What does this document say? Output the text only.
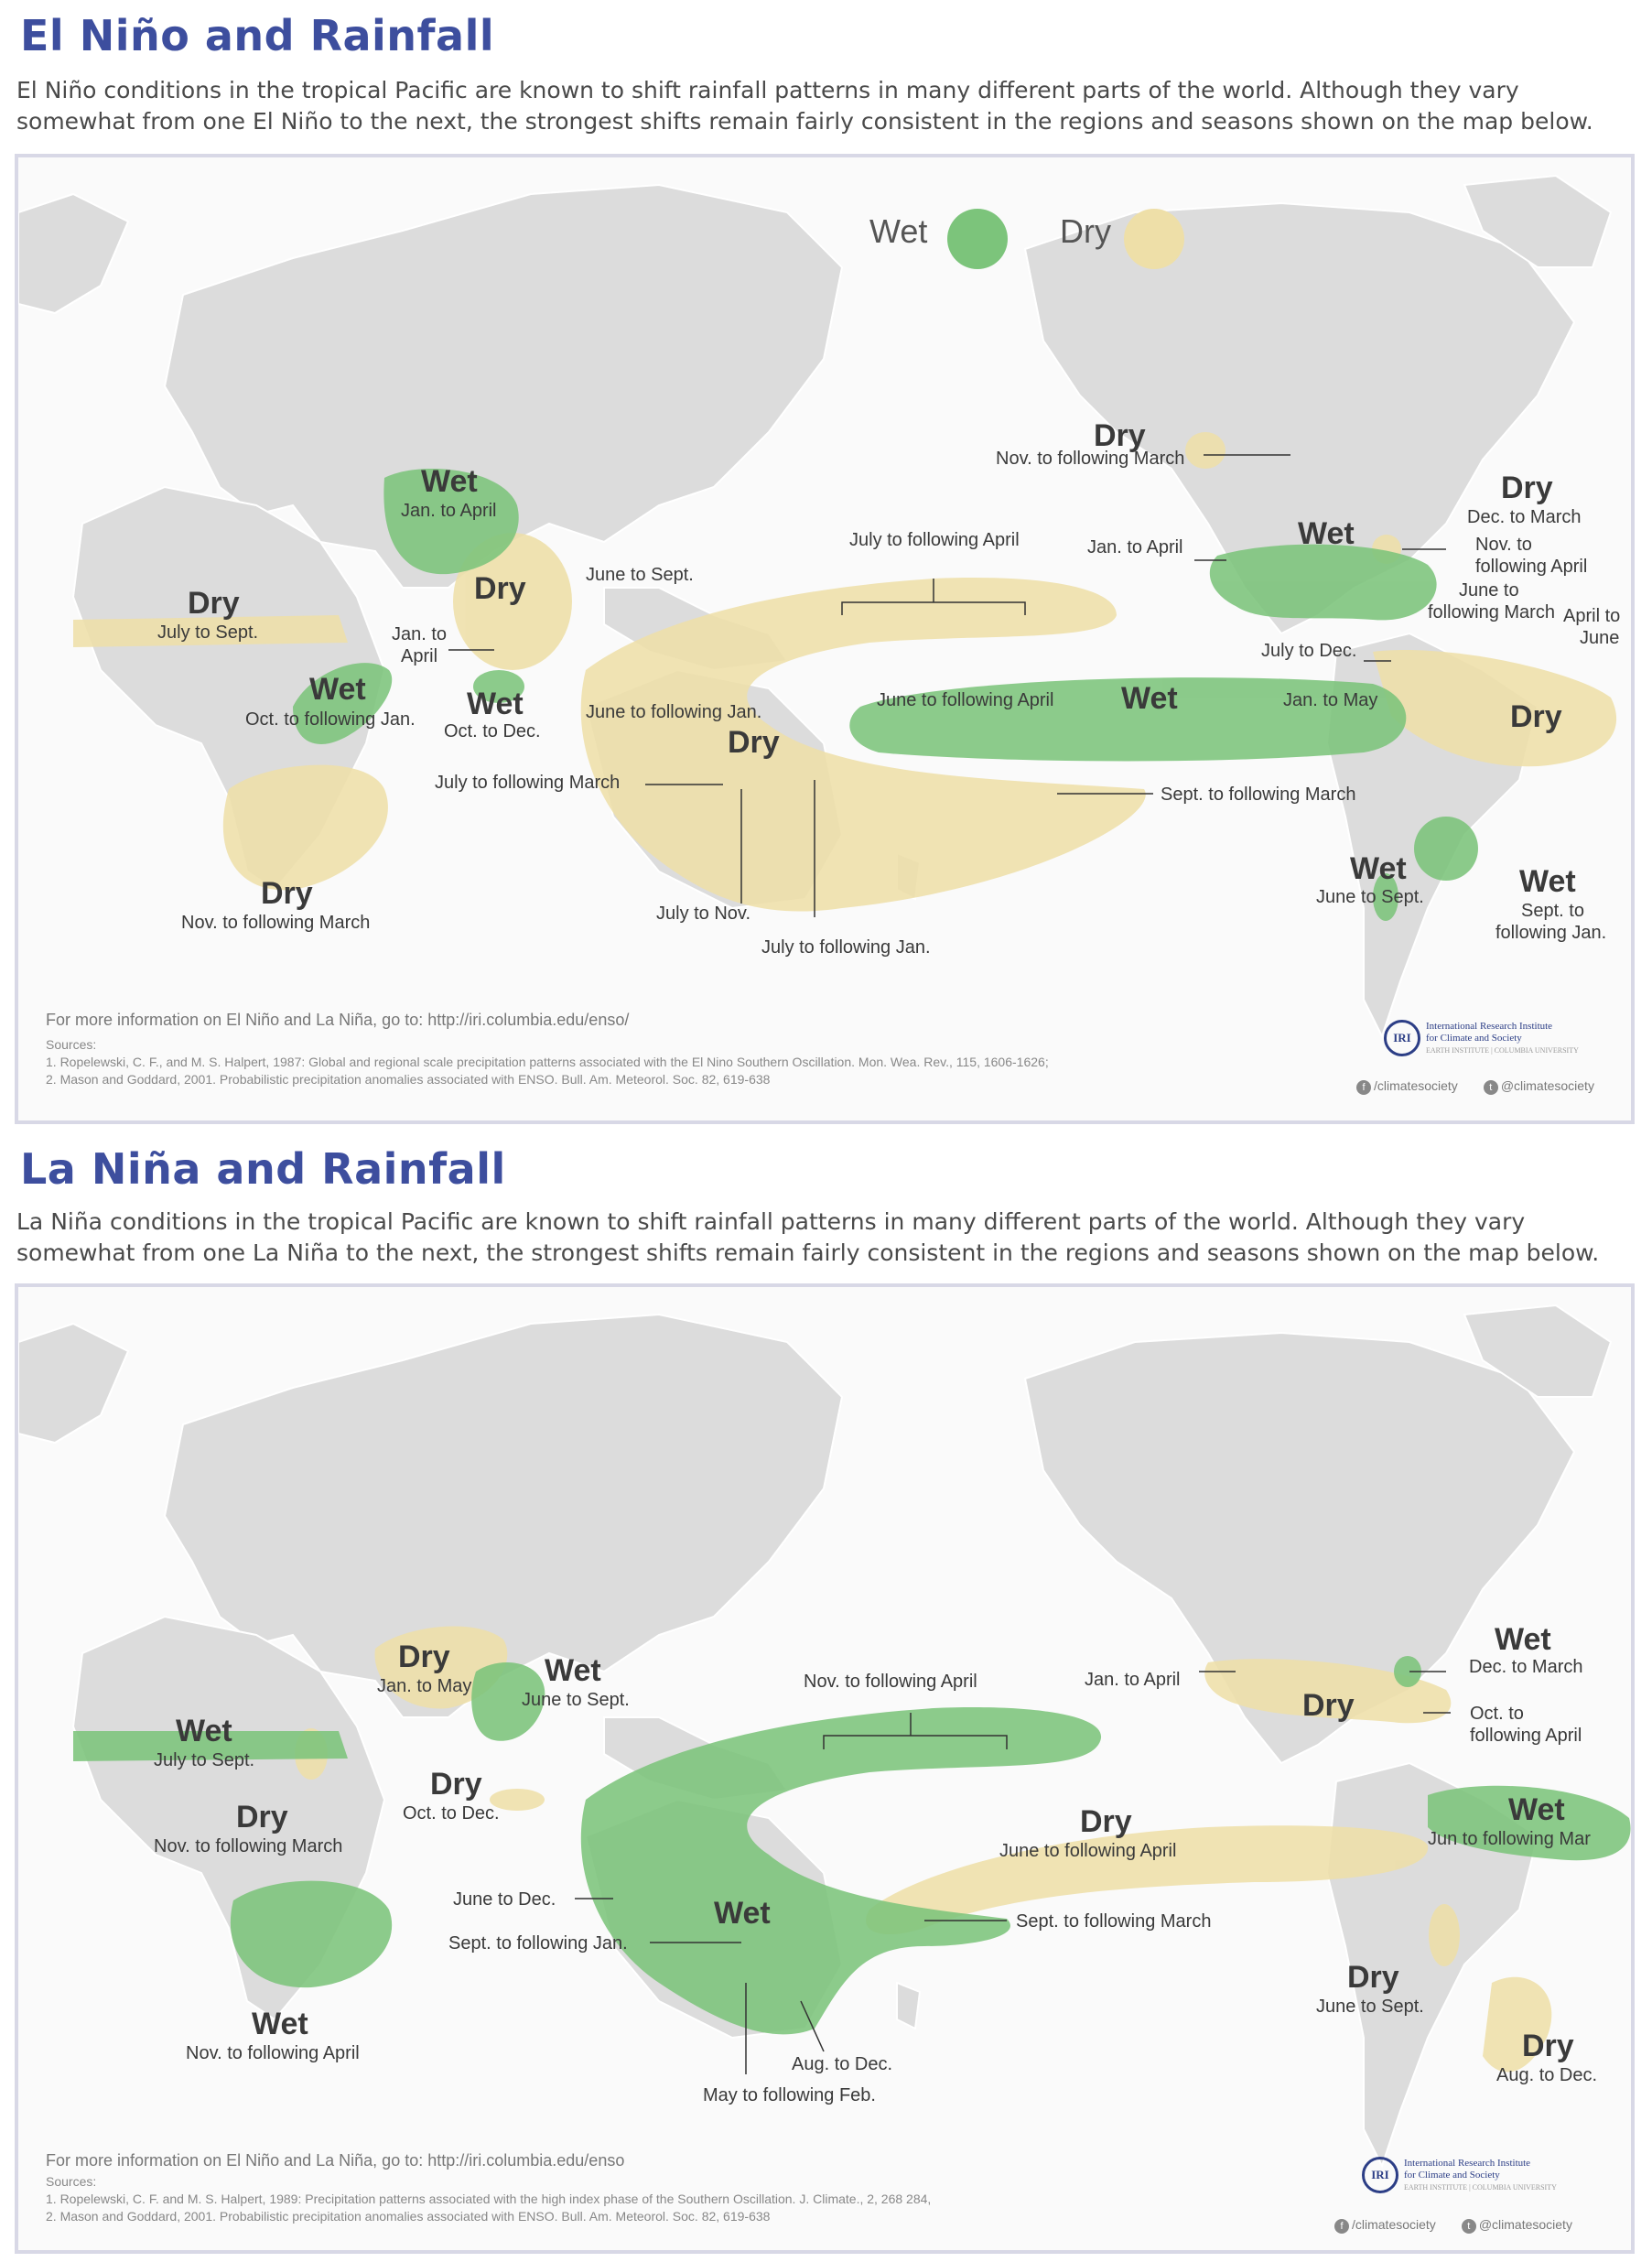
El Niño and Rainfall
El Niño conditions in the tropical Pacific are known to shift rainfall patterns in many different parts of the world. Although they vary somewhat from one El Niño to the next, the strongest shifts remain fairly consistent in the regions and seasons shown on the map below.
Wet	Dry
Wet
Jan. to April
Dry	June to Sept.
Dry
July to Sept.	Jan. to
April
Wet
Oct. to following Jan. Wet
Oct. to Dec.
Dry
Nov. to following March
July to following April
June to following Jan.
Dry
July to following March
July to Nov.
July to following Jan.
Sept. to following March
June to following April Wet	Jan. to May
Dry
Nov. to following March
Dry
Dec. to March
Wet
Jan. to April	Nov. to
following April
June to
following March April to
June
July to Dec.
Dry
Wet
June to Sept.	Wet
Sept. to
following Jan.
For more information on El Niño and La Niña, go to: http://iri.columbia.edu/enso/
Sources:
1. Ropelewski, C. F., and M. S. Halpert, 1987: Global and regional scale precipitation patterns associated with the El Nino Southern Oscillation. Mon. Wea. Rev., 115, 1606-1626;
2. Mason and Goddard, 2001. Probabilistic precipitation anomalies associated with ENSO. Bull. Am. Meteorol. Soc. 82, 619-638
IRI
International Research Institute
for Climate and Society
EARTH INSTITUTE | COLUMBIA UNIVERSITY
f /climatesociety	t @climatesociety
La Niña and Rainfall
La Niña conditions in the tropical Pacific are known to shift rainfall patterns in many different parts of the world. Although they vary somewhat from one La Niña to the next, the strongest shifts remain fairly consistent in the regions and seasons shown on the map below.
Dry
Jan. to May Wet
June to Sept.
Wet
July to Sept.
Dry
Oct. to Dec.
Dry
Nov. to following March
Wet
Nov. to following April
Nov. to following April
June to Dec.
Sept. to following Jan.
Wet
Aug. to Dec.
May to following Feb.
Sept. to following March
Dry
June to following April
Wet
Dec. to March
Dry
Jan. to April
Oct. to
following April
Wet
Jun to following Mar
Dry
June to Sept.
Dry
Aug. to Dec.
For more information on El Niño and La Niña, go to: http://iri.columbia.edu/enso
Sources:
1. Ropelewski, C. F. and M. S. Halpert, 1989: Precipitation patterns associated with the high index phase of the Southern Oscillation. J. Climate., 2, 268 284,
2. Mason and Goddard, 2001. Probabilistic precipitation anomalies associated with ENSO. Bull. Am. Meteorol. Soc. 82, 619-638
IRI
International Research Institute
for Climate and Society
EARTH INSTITUTE | COLUMBIA UNIVERSITY
f /climatesociety	t @climatesociety
